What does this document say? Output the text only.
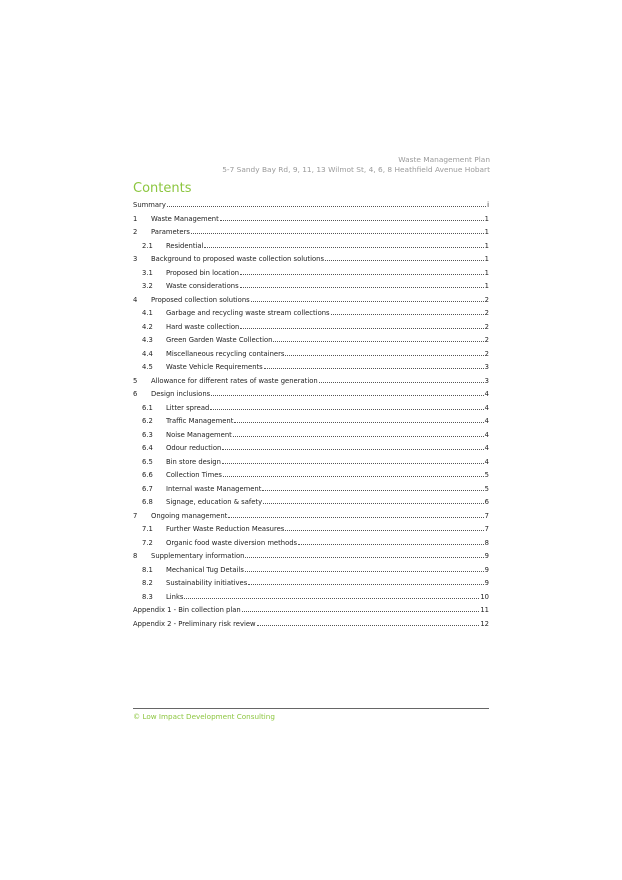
Waste Management Plan
5-7 Sandy Bay Rd, 9, 11, 13 Wilmot St, 4, 6, 8 Heathfield Avenue Hobart
Contents
Summary	i
1	Waste Management	1
2	Parameters	1
2.1	Residential	1
3	Background to proposed waste collection solutions	1
3.1	Proposed bin location	1
3.2	Waste considerations	1
4	Proposed collection solutions	2
4.1	Garbage and recycling waste stream collections	2
4.2	Hard waste collection	2
4.3	Green Garden Waste Collection	2
4.4	Miscellaneous recycling containers	2
4.5	Waste Vehicle Requirements	3
5	Allowance for different rates of waste generation	3
6	Design inclusions	4
6.1	Litter spread	4
6.2	Traffic Management	4
6.3	Noise Management	4
6.4	Odour reduction	4
6.5	Bin store design	4
6.6	Collection Times	5
6.7	Internal waste Management	5
6.8	Signage, education & safety	6
7	Ongoing management	7
7.1	Further Waste Reduction Measures	7
7.2	Organic food waste diversion methods	8
8	Supplementary information	9
8.1	Mechanical Tug Details	9
8.2	Sustainability initiatives	9
8.3	Links	10
Appendix 1 - Bin collection plan	11
Appendix 2 - Preliminary risk review	12
© Low Impact Development Consulting
